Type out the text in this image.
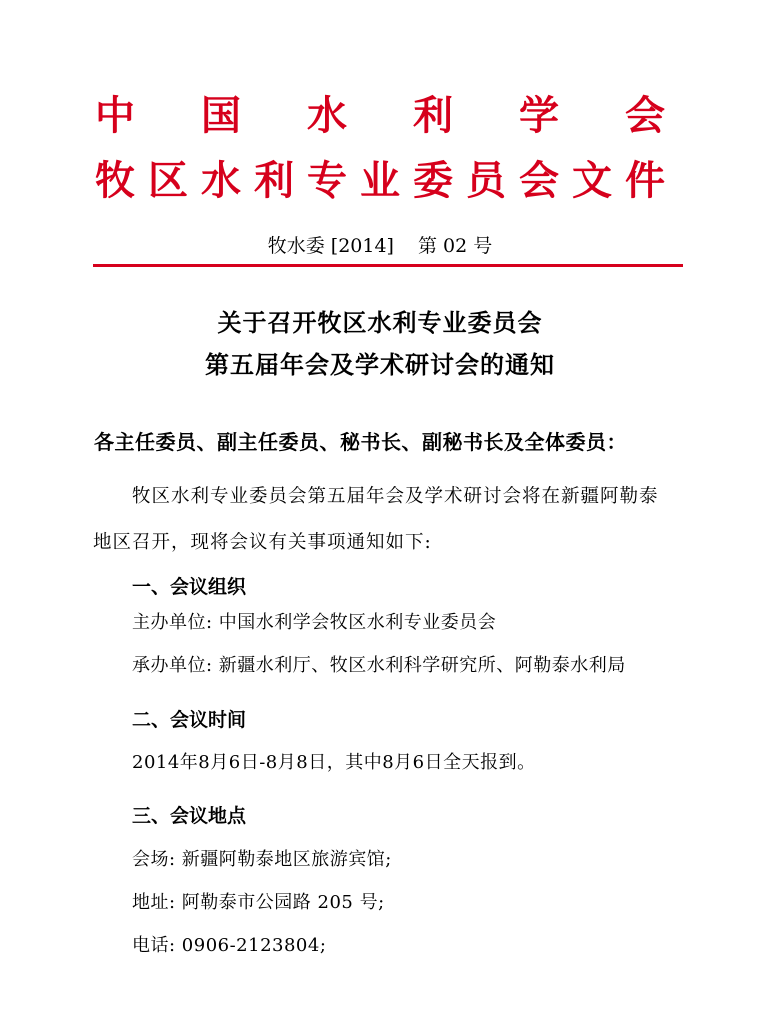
中 国 水 利 学 会
牧 区 水 利 专 业 委 员 会 文 件
牧水委 [2014] 第 02 号
关于召开牧区水利专业委员会
第五届年会及学术研讨会的通知
各主任委员、副主任委员、秘书长、副秘书长及全体委员：
牧区水利专业委员会第五届年会及学术研讨会将在新疆阿勒泰
地区召开，现将会议有关事项通知如下:
一、会议组织
主办单位: 中国水利学会牧区水利专业委员会
承办单位: 新疆水利厅、牧区水利科学研究所、阿勒泰水利局
二、会议时间
2014年8月6日-8月8日，其中8月6日全天报到。
三、会议地点
会场: 新疆阿勒泰地区旅游宾馆;
地址: 阿勒泰市公园路 205 号;
电话: 0906-2123804;
